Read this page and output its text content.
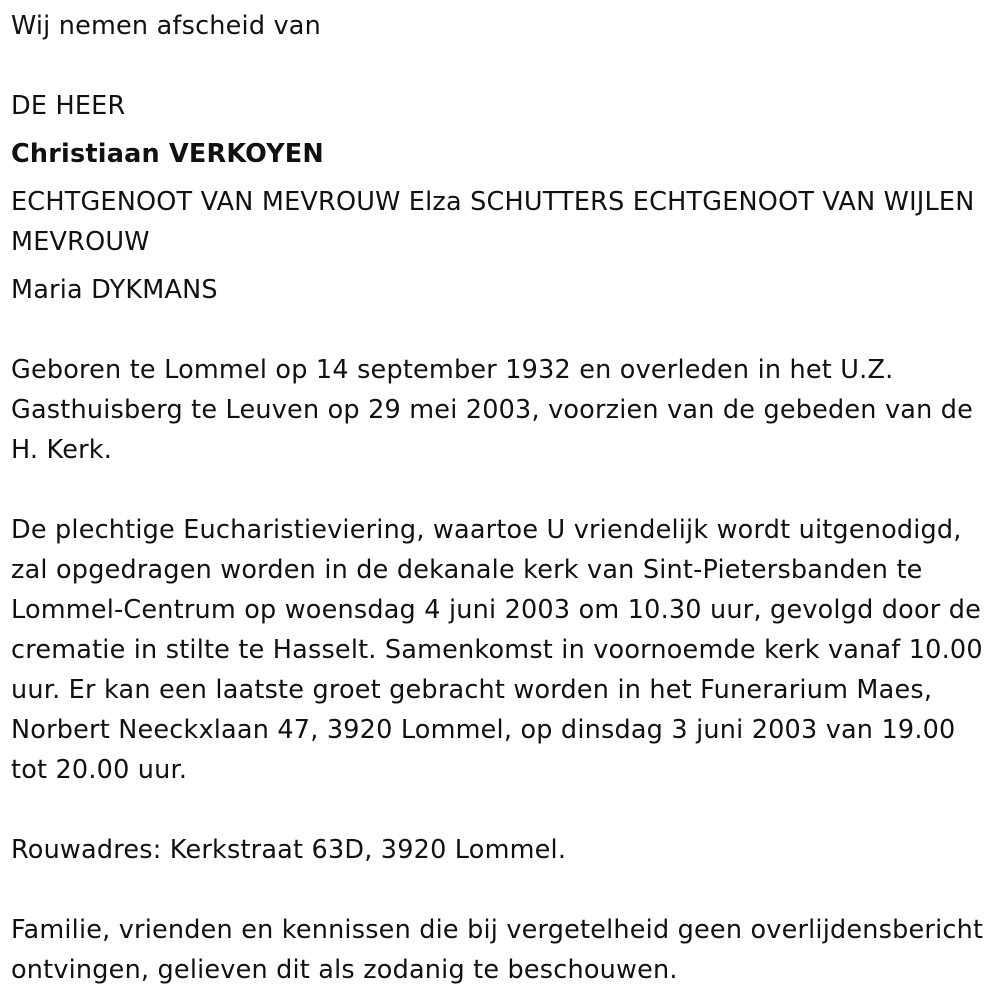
Wij nemen afscheid van

DE HEER

Christiaan VERKOYEN

ECHTGENOOT VAN MEVROUW Elza SCHUTTERS ECHTGENOOT VAN WIJLEN MEVROUW

Maria DYKMANS

Geboren te Lommel op 14 september 1932 en overleden in het U.Z. Gasthuisberg te Leuven op 29 mei 2003, voorzien van de gebeden van de H. Kerk.

De plechtige Eucharistieviering, waartoe U vriendelijk wordt uitgenodigd, zal opgedragen worden in de dekanale kerk van Sint-Pietersbanden te Lommel-Centrum op woensdag 4 juni 2003 om 10.30 uur, gevolgd door de crematie in stilte te Hasselt. Samenkomst in voornoemde kerk vanaf 10.00 uur. Er kan een laatste groet gebracht worden in het Funerarium Maes, Norbert Neeckxlaan 47, 3920 Lommel, op dinsdag 3 juni 2003 van 19.00 tot 20.00 uur.

Rouwadres: Kerkstraat 63D, 3920 Lommel.

Familie, vrienden en kennissen die bij vergetelheid geen overlijdensbericht ontvingen, gelieven dit als zodanig te beschouwen.
